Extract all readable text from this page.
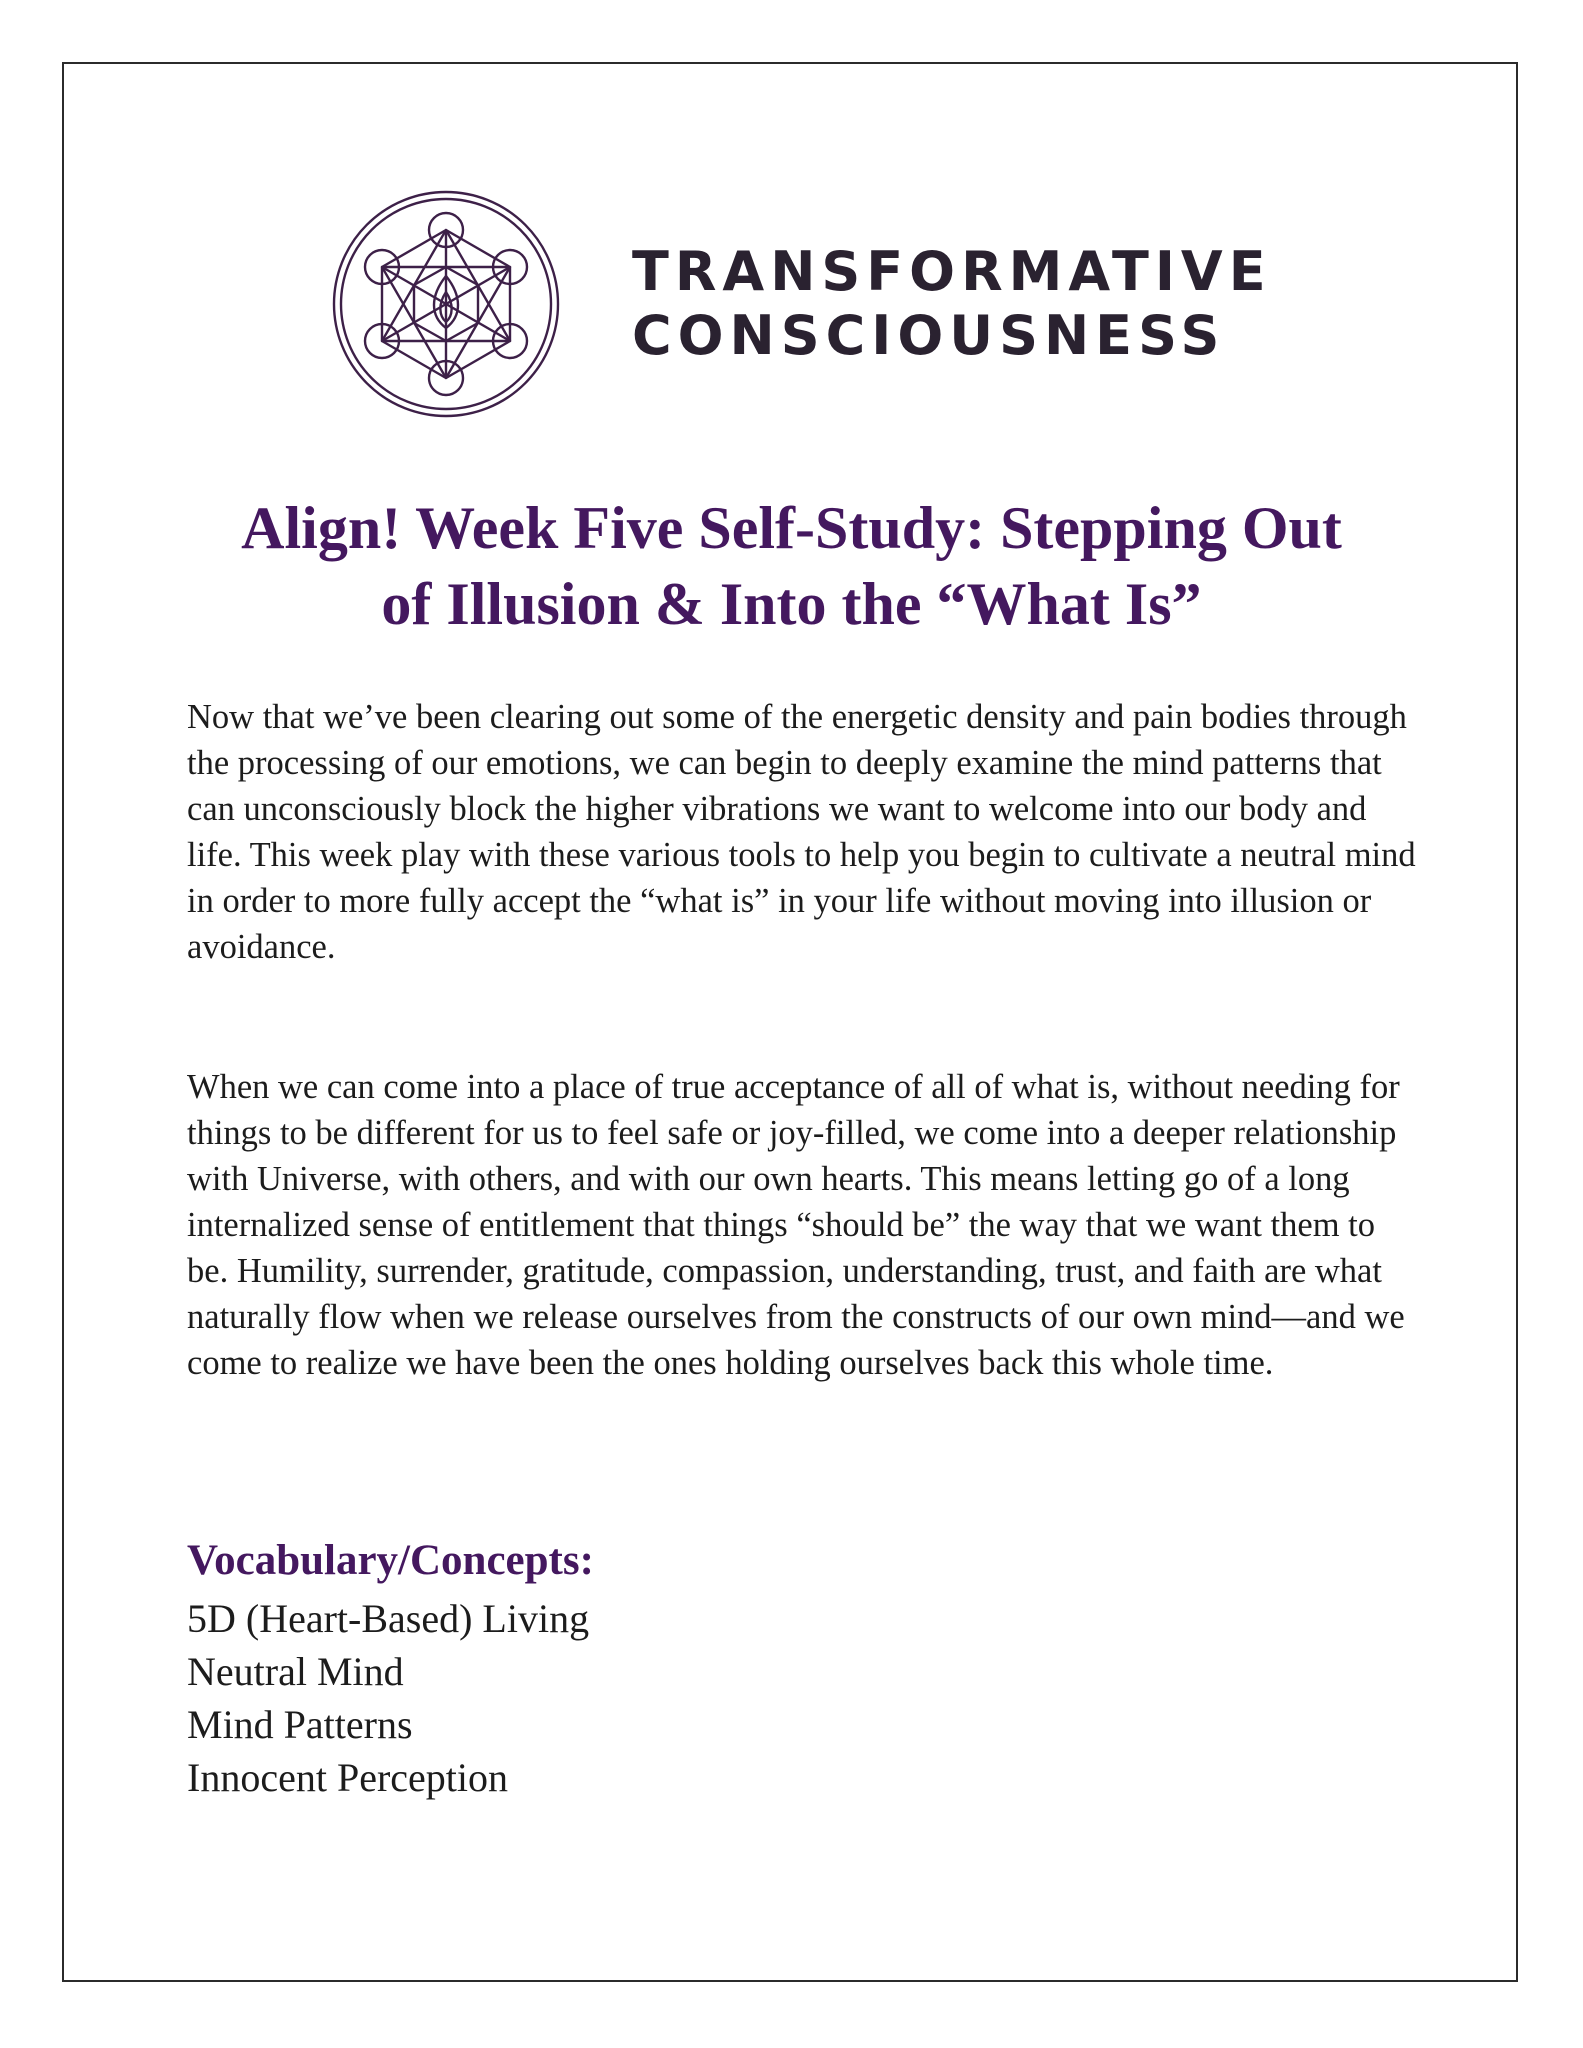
TRANSFORMATIVE
CONSCIOUSNESS
Align! Week Five Self-Study: Stepping Out
of Illusion & Into the “What Is”

Now that we’ve been clearing out some of the energetic density and pain bodies through the processing of our emotions, we can begin to deeply examine the mind patterns that can unconsciously block the higher vibrations we want to welcome into our body and life. This week play with these various tools to help you begin to cultivate a neutral mind in order to more fully accept the “what is” in your life without moving into illusion or avoidance.

When we can come into a place of true acceptance of all of what is, without needing for things to be different for us to feel safe or joy-filled, we come into a deeper relationship with Universe, with others, and with our own hearts. This means letting go of a long internalized sense of entitlement that things “should be” the way that we want them to be. Humility, surrender, gratitude, compassion, understanding, trust, and faith are what naturally flow when we release ourselves from the constructs of our own mind—and we come to realize we have been the ones holding ourselves back this whole time.

Vocabulary/Concepts:
5D (Heart-Based) Living
Neutral Mind
Mind Patterns
Innocent Perception
